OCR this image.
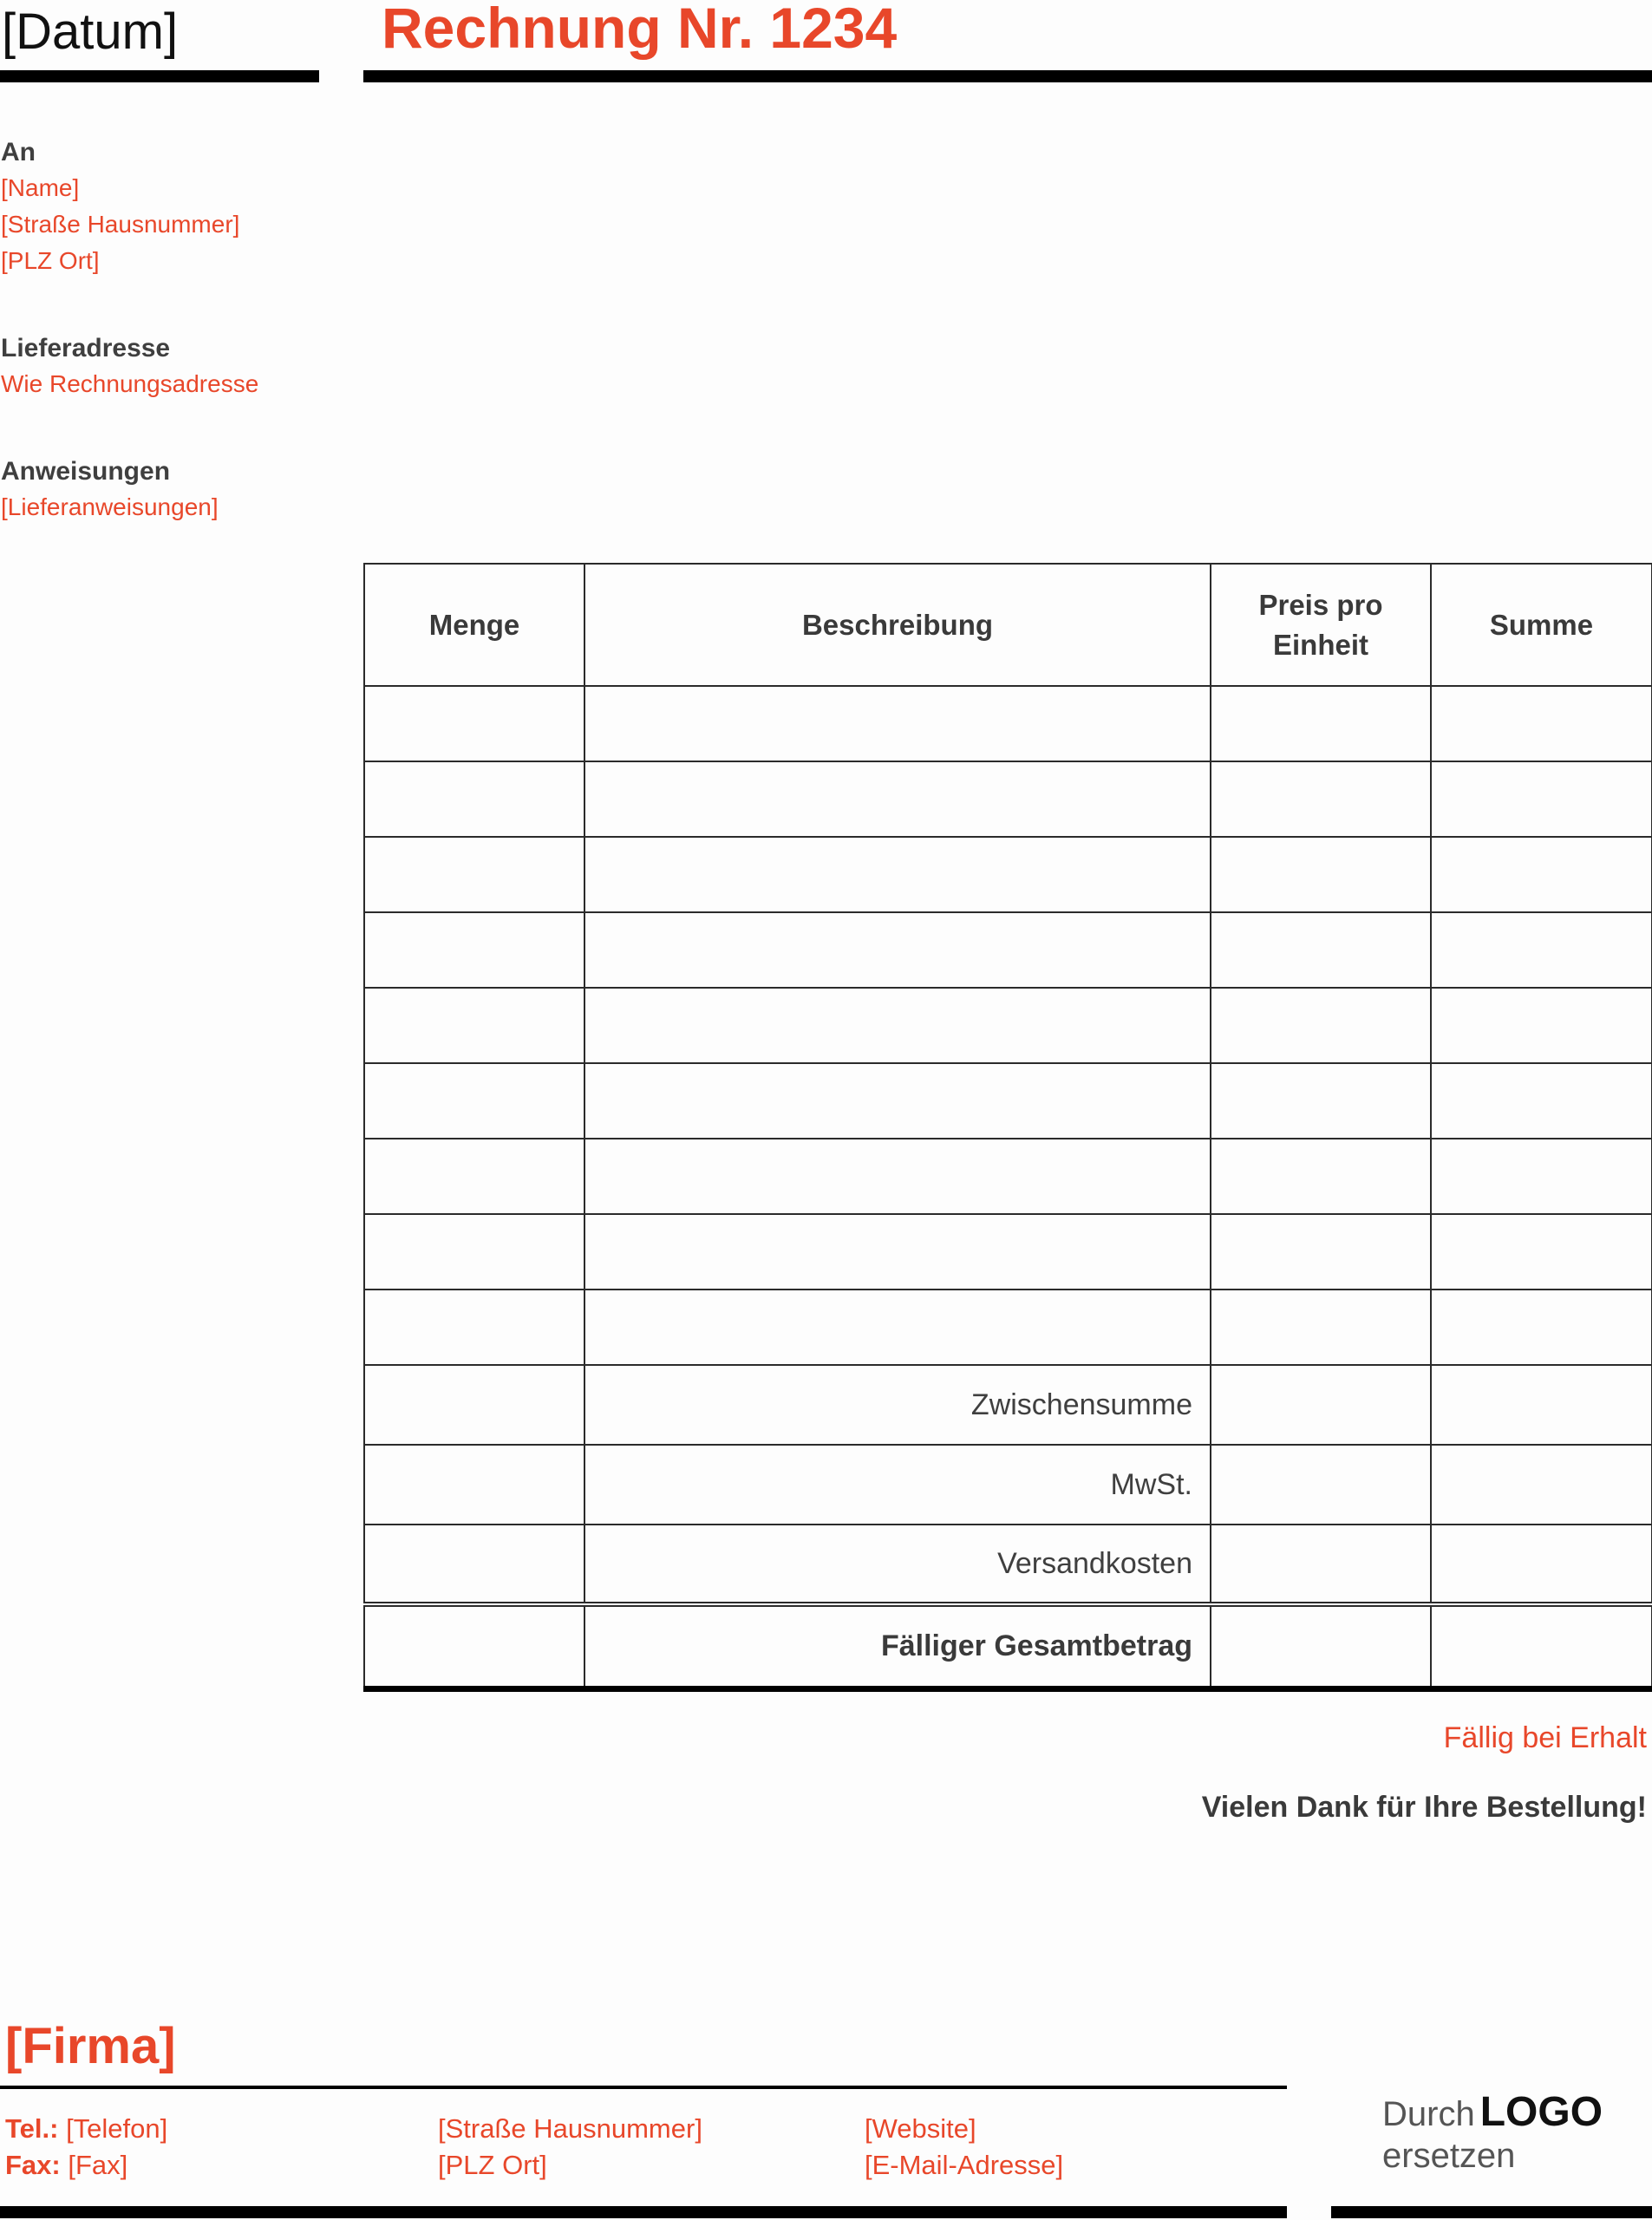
[Datum]	Rechnung Nr. 1234
An
[Name]
[Straße Hausnummer]
[PLZ Ort]
Lieferadresse
Wie Rechnungsadresse
Anweisungen
[Lieferanweisungen]
Menge	Beschreibung	Preis pro Einheit	Summe

	Zwischensumme		
	MwSt.		
	Versandkosten		
	Fälliger Gesamtbetrag		
Fällig bei Erhalt
Vielen Dank für Ihre Bestellung!
[Firma]
Tel.: [Telefon]
Fax: [Fax]
[Straße Hausnummer]
[PLZ Ort]
[Website]
[E-Mail-Adresse]
Durch LOGO
ersetzen
